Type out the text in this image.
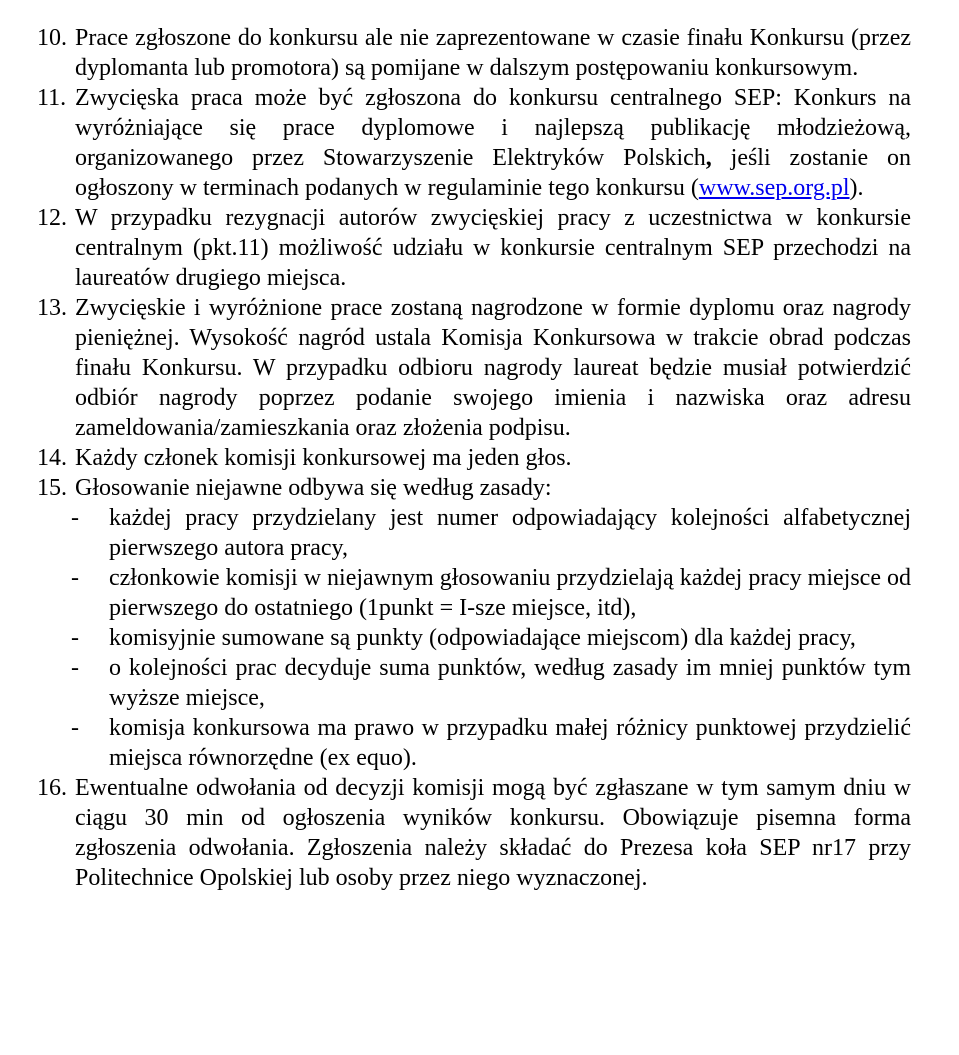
10. Prace zgłoszone do konkursu ale nie zaprezentowane w czasie finału Konkursu (przez dyplomanta lub promotora) są pomijane w dalszym postępowaniu konkursowym.
11. Zwycięska praca może być zgłoszona do konkursu centralnego SEP: Konkurs na wyróżniające się prace dyplomowe i najlepszą publikację młodzieżową, organizowanego przez Stowarzyszenie Elektryków Polskich, jeśli zostanie on ogłoszony w terminach podanych w regulaminie tego konkursu (www.sep.org.pl).
12. W przypadku rezygnacji autorów zwycięskiej pracy z uczestnictwa w konkursie centralnym (pkt.11) możliwość udziału w konkursie centralnym SEP przechodzi na laureatów drugiego miejsca.
13. Zwycięskie i wyróżnione prace zostaną nagrodzone w formie dyplomu oraz nagrody pieniężnej. Wysokość nagród ustala Komisja Konkursowa w trakcie obrad podczas finału Konkursu. W przypadku odbioru nagrody laureat będzie musiał potwierdzić odbiór nagrody poprzez podanie swojego imienia i nazwiska oraz adresu zameldowania/zamieszkania oraz złożenia podpisu.
14. Każdy członek komisji konkursowej ma jeden głos.
15. Głosowanie niejawne odbywa się według zasady:
- każdej pracy przydzielany jest numer odpowiadający kolejności alfabetycznej pierwszego autora pracy,
- członkowie komisji w niejawnym głosowaniu przydzielają każdej pracy miejsce od pierwszego do ostatniego (1punkt = I-sze miejsce, itd),
- komisyjnie sumowane są punkty (odpowiadające miejscom) dla każdej pracy,
- o kolejności prac decyduje suma punktów, według zasady im mniej punktów tym wyższe miejsce,
- komisja konkursowa ma prawo w przypadku małej różnicy punktowej przydzielić miejsca równorzędne (ex equo).
16. Ewentualne odwołania od decyzji komisji mogą być zgłaszane w tym samym dniu w ciągu 30 min od ogłoszenia wyników konkursu. Obowiązuje pisemna forma zgłoszenia odwołania. Zgłoszenia należy składać do Prezesa koła SEP nr17 przy Politechnice Opolskiej lub osoby przez niego wyznaczonej.
